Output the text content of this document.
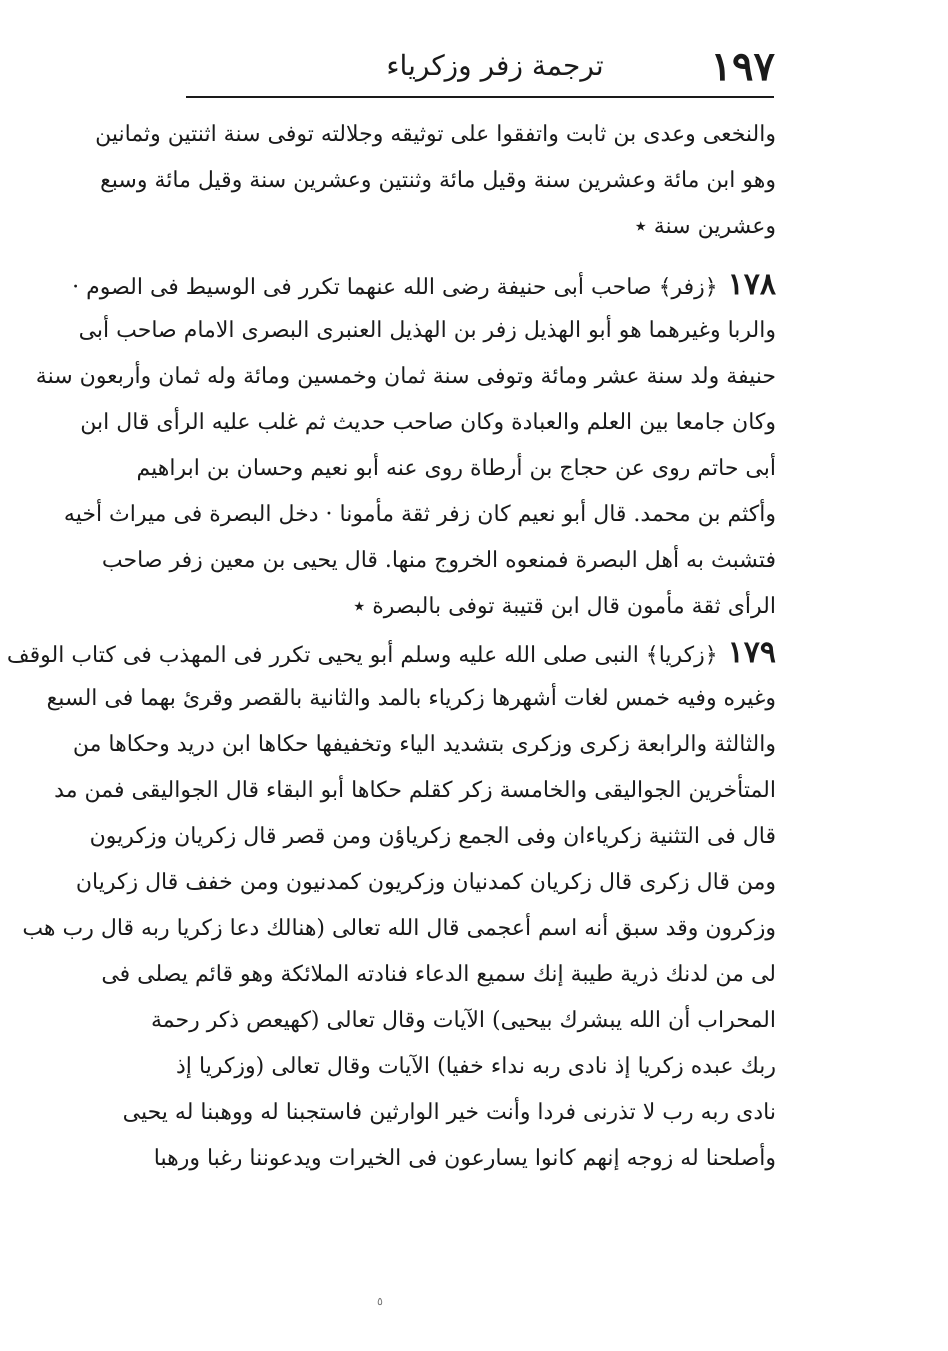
١٩٧
ترجمة زفر وزكرياء
والنخعى وعدى بن ثابت واتفقوا على توثيقه وجلالته توفى سنة اثنتين وثمانين
وهو ابن مائة وعشرين سنة وقيل مائة وثنتين وعشرين سنة وقيل مائة وسبع
وعشرين سنة ٭
١٧٨﴿زفر﴾ صاحب أبى حنيفة رضى الله عنهما تكرر فى الوسيط فى الصوم ·
والربا وغيرهما هو أبو الهذيل زفر بن الهذيل العنبرى البصرى الامام صاحب أبى
حنيفة ولد سنة عشر ومائة وتوفى سنة ثمان وخمسين ومائة وله ثمان وأربعون سنة
وكان جامعا بين العلم والعبادة وكان صاحب حديث ثم غلب عليه الرأى قال ابن
أبى حاتم روى عن حجاج بن أرطاة روى عنه أبو نعيم وحسان بن ابراهيم
وأكثم بن محمد. قال أبو نعيم كان زفر ثقة مأمونا · دخل البصرة فى ميراث أخيه
فتشبث به أهل البصرة فمنعوه الخروج منها. قال يحيى بن معين زفر صاحب
الرأى ثقة مأمون قال ابن قتيبة توفى بالبصرة ٭
١٧٩﴿زكريا﴾ النبى صلى الله عليه وسلم أبو يحيى تكرر فى المهذب فى كتاب الوقف
وغيره وفيه خمس لغات أشهرها زكرياء بالمد والثانية بالقصر وقرئ بهما فى السبع
والثالثة والرابعة زكرى وزكرى بتشديد الياء وتخفيفها حكاها ابن دريد وحكاها من
المتأخرين الجواليقى والخامسة زكر كقلم حكاها أبو البقاء قال الجواليقى فمن مد
قال فى التثنية زكرياءان وفى الجمع زكرياؤن ومن قصر قال زكريان وزكريون
ومن قال زكرى قال زكريان كمدنيان وزكريون كمدنيون ومن خفف قال زكريان
وزكرون وقد سبق أنه اسم أعجمى قال الله تعالى (هنالك دعا زكريا ربه قال رب هب
لى من لدنك ذرية طيبة إنك سميع الدعاء فنادته الملائكة وهو قائم يصلى فى
المحراب أن الله يبشرك بيحيى) الآيات وقال تعالى (كهيعص ذكر رحمة
ربك عبده زكريا إذ نادى ربه نداء خفيا) الآيات وقال تعالى (وزكريا إذ
نادى ربه رب لا تذرنى فردا وأنت خير الوارثين فاستجبنا له ووهبنا له يحيى
وأصلحنا له زوجه إنهم كانوا يسارعون فى الخيرات ويدعوننا رغبا ورهبا
٥
